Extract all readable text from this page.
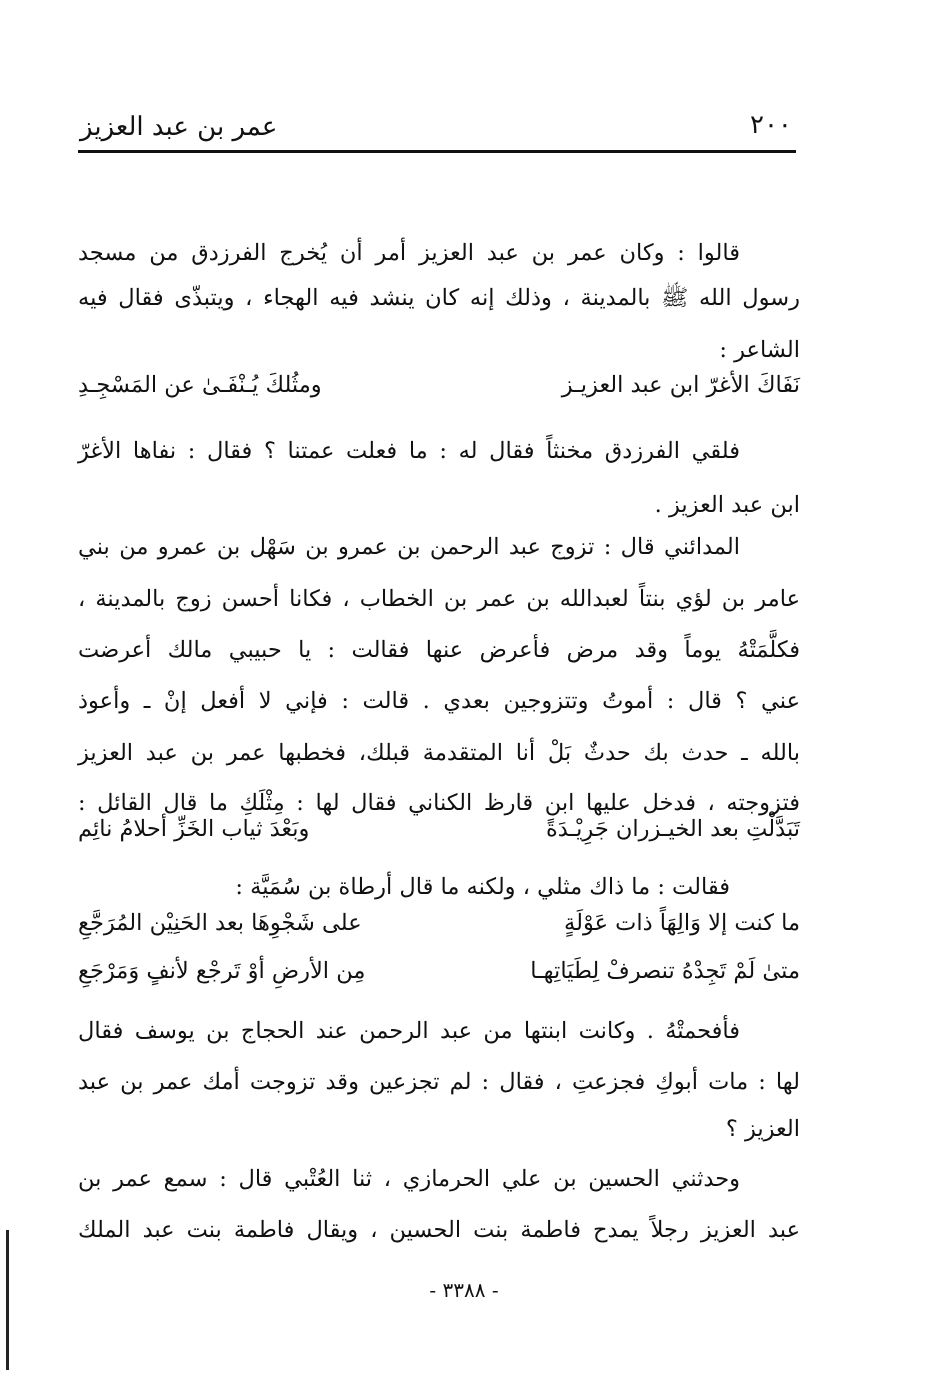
عمر بن عبد العزيز	٢٠٠
قالوا : وكان عمر بن عبد العزيز أمر أن يُخرج الفرزدق من مسجد
رسول الله ﷺ بالمدينة ، وذلك إنه كان ينشد فيه الهجاء ، ويتبذّى فقال فيه
الشاعر :
نَفَاكَ الأغرّ ابن عبد العزيـز
ومثُلكَ يُـنْفَـىٰ عن المَسْجِـدِ
فلقي الفرزدق مخنثاً فقال له : ما فعلت عمتنا ؟ فقال : نفاها الأغرّ
ابن عبد العزيز .
المدائني قال : تزوج عبد الرحمن بن عمرو بن سَهْل بن عمرو من بني
عامر بن لؤي بنتاً لعبدالله بن عمر بن الخطاب ، فكانا أحسن زوج بالمدينة ،
فكلَّمَتْهُ يوماً وقد مرض فأعرض عنها فقالت : يا حبيبي مالك أعرضت
عني ؟ قال : أموتُ وتتزوجين بعدي . قالت : فإني لا أفعل إنْ ـ وأعوذ
بالله ـ حدث بك حدثٌ بَلْ أنا المتقدمة قبلك، فخطبها عمر بن عبد العزيز
فتزوجته ، فدخل عليها ابن قارظ الكناني فقال لها : مِثْلَكِ ما قال القائل :
تَبَدَّلْتِ بعد الخيـزران جَرِيْـدَةً
وبَعْدَ ثياب الخَزِّ أحلامُ نائِم
فقالت : ما ذاك مثلي ، ولكنه ما قال أرطاة بن سُمَيَّة :
ما كنت إلا وَالِهَاً ذات عَوْلَةٍ
على شَجْوِهَا بعد الحَنِيْن المُرَجَّعِ
متىٰ لَمْ تَجِدْهُ تنصرفْ لِطَيَاتِهـا
مِن الأرضِ أوْ تَرجْع لأنفٍ وَمَرْجَعِ
فأفحمتْهُ . وكانت ابنتها من عبد الرحمن عند الحجاج بن يوسف فقال
لها : مات أبوكِ فجزعتِ ، فقال : لم تجزعين وقد تزوجت أمك عمر بن عبد
العزيز ؟
وحدثني الحسين بن علي الحرمازي ، ثنا العُتْبي قال : سمع عمر بن
عبد العزيز رجلاً يمدح فاطمة بنت الحسين ، ويقال فاطمة بنت عبد الملك
- ٣٣٨٨ -
